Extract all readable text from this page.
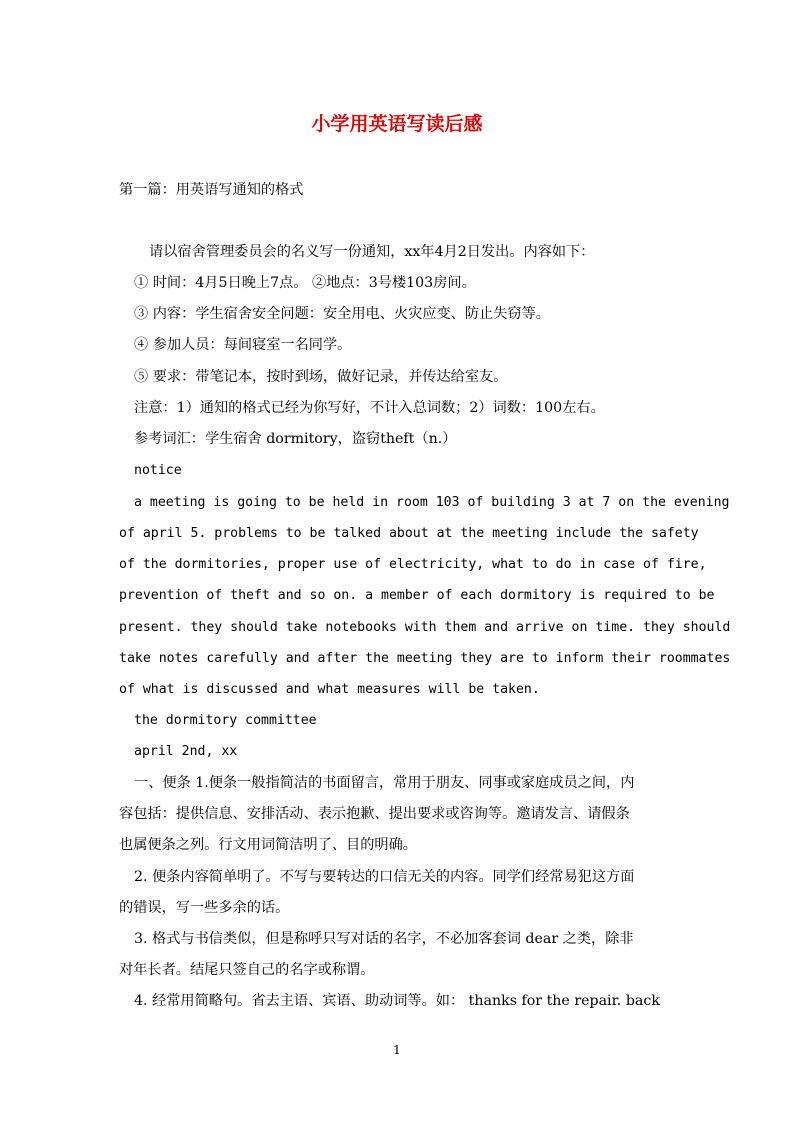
小学用英语写读后感
第一篇：用英语写通知的格式
请以宿舍管理委员会的名义写一份通知，xx年4月2日发出。内容如下：
① 时间：4月5日晚上7点。 ②地点：3号楼103房间。
③ 内容：学生宿舍安全问题：安全用电、火灾应变、防止失窃等。
④ 参加人员：每间寝室一名同学。
⑤ 要求：带笔记本，按时到场，做好记录，并传达给室友。
注意：1）通知的格式已经为你写好，不计入总词数；2）词数：100左右。
参考词汇：学生宿舍 dormitory，盗窃theft（n.）
notice
a meeting is going to be held in room 103 of building 3 at 7 on the evening
of april 5. problems to be talked about at the meeting include the safety
of the dormitories, proper use of electricity, what to do in case of fire,
prevention of theft and so on. a member of each dormitory is required to be
present. they should take notebooks with them and arrive on time. they should
take notes carefully and after the meeting they are to inform their roommates
of what is discussed and what measures will be taken.
the dormitory committee
april 2nd, xx
一、便条 1.便条一般指简洁的书面留言，常用于朋友、同事或家庭成员之间，内
容包括：提供信息、安排活动、表示抱歉、提出要求或咨询等。邀请发言、请假条
也属便条之列。行文用词简洁明了、目的明确。
2. 便条内容简单明了。不写与要转达的口信无关的内容。同学们经常易犯这方面
的错误，写一些多余的话。
3. 格式与书信类似，但是称呼只写对话的名字，不必加客套词 dear 之类，除非
对年长者。结尾只签自己的名字或称谓。
4. 经常用简略句。省去主语、宾语、助动词等。如： thanks for the repair. back
1
